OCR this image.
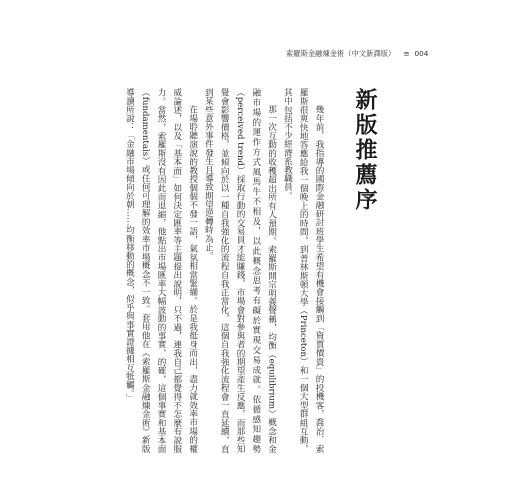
索羅斯金融煉金術（中文新譯版） ≡ 004
新版推薦序

幾年前，我指導的國際金融研討班學生希望有機會接觸到「資賈價貴」的投機客，喬治．索羅斯很爽快地答應給我一個晚上的時間，到普林斯頓大學（Princeton）和一個大型群組互動，其中包括不少經濟系教職員。

那一次互動的收穫超出所有人預期。索羅斯開宗明義聲稱，均衡（equilibrium）概念和金融市場的運作方式風馬牛不相及，以此概念思考有礙於實現交易成就。依循感知趨勢（perceived trend）採取行動的交易員才能賺錢，市場會對參與者的期望產生反應，而那些知覺會影響價格，並傾向於以一種自我強化的流程自我正當化，這個自我強化流程會一直延續，直到某些意外事件發生且導致期望逆轉時為止。

在場聆聽演說的教授個個不發一語，氣氛相當緊繃。於是我挺身而出，盡力就效率市場的權威論述，以及「基本面」如何決定匯率等主題提出說明，只不過，連我自己都覺得不怎麼有說服力。當然，索羅斯沒有因此而退縮，他點出市場匯率大幅波動的事實，的確，這個事實和基本面（fundamentals）或任何可理解的效率市場概念不一致。套用他在《索羅斯金融煉金術》新版導讀所說：「金融市場傾向於朝……均衡移動的概念，似乎與事實證據相互牴觸。」
